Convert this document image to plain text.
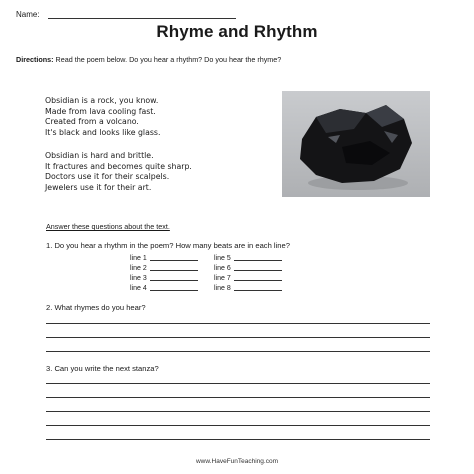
Name:
Rhyme and Rhythm
Directions: Read the poem below. Do you hear a rhythm? Do you hear the rhyme?
Obsidian is a rock, you know.
Made from lava cooling fast.
Created from a volcano.
It's black and looks like glass.
Obsidian is hard and brittle.
It fractures and becomes quite sharp.
Doctors use it for their scalpels.
Jewelers use it for their art.
Answer these questions about the text.
1. Do you hear a rhythm in the poem? How many beats are in each line?
line 1
line 2
line 3
line 4
line 5
line 6
line 7
line 8
2. What rhymes do you hear?
3. Can you write the next stanza?
www.HaveFunTeaching.com
